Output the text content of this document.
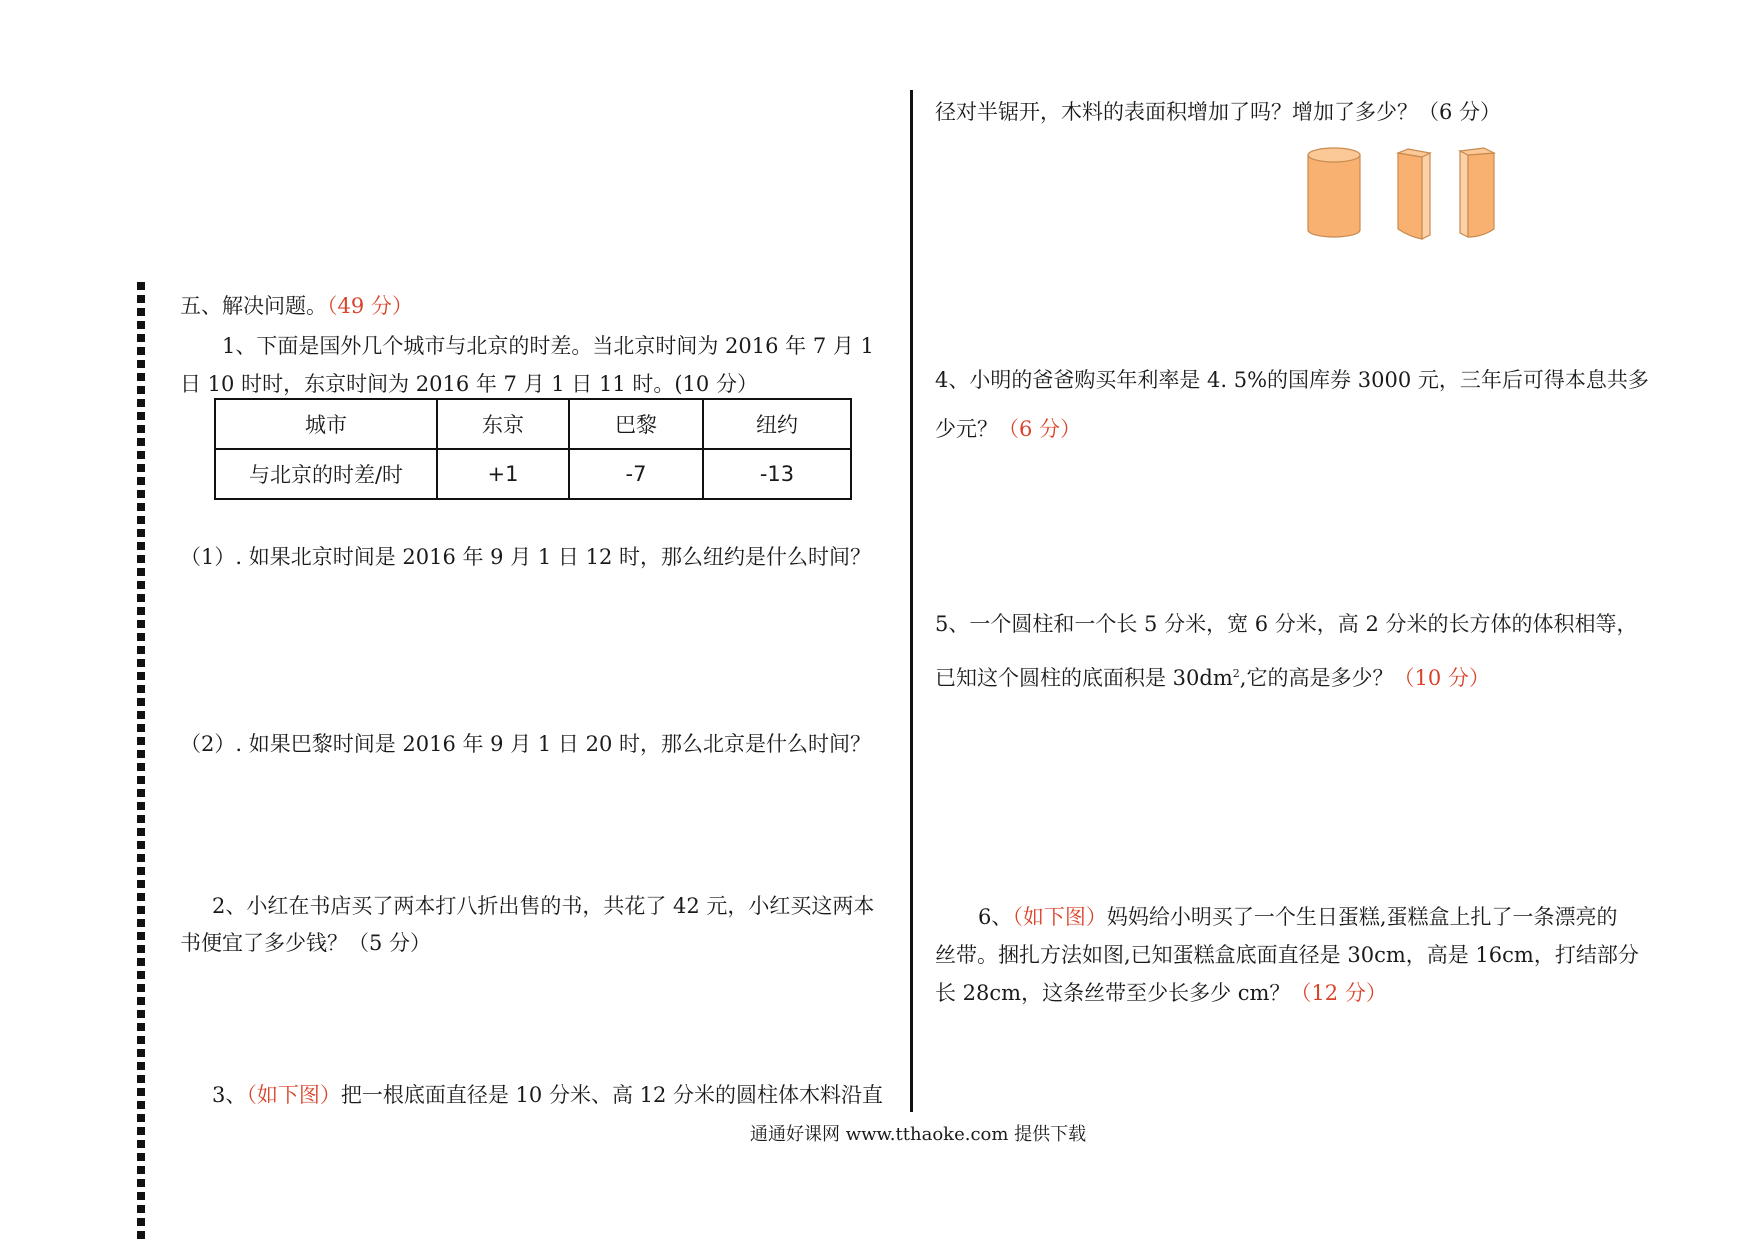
五、解决问题。（49 分）
1、下面是国外几个城市与北京的时差。当北京时间为 2016 年 7 月 1
日 10 时时，东京时间为 2016 年 7 月 1 日 11 时。(10 分）
城市	东京	巴黎	纽约
与北京的时差/时	+1	-7	-13
（1）. 如果北京时间是 2016 年 9 月 1 日 12 时，那么纽约是什么时间？
（2）. 如果巴黎时间是 2016 年 9 月 1 日 20 时，那么北京是什么时间？
2、小红在书店买了两本打八折出售的书，共花了 42 元，小红买这两本
书便宜了多少钱？（5 分）
3、（如下图）把一根底面直径是 10 分米、高 12 分米的圆柱体木料沿直
径对半锯开，木料的表面积增加了吗？增加了多少？（6 分）
4、小明的爸爸购买年利率是 4. 5%的国库券 3000 元，三年后可得本息共多
少元？（6 分）
5、一个圆柱和一个长 5 分米，宽 6 分米，高 2 分米的长方体的体积相等，
已知这个圆柱的底面积是 $30dm^2$,它的高是多少？（10 分）
6、（如下图）妈妈给小明买了一个生日蛋糕,蛋糕盒上扎了一条漂亮的
丝带。捆扎方法如图,已知蛋糕盒底面直径是 30cm，高是 16cm，打结部分
长 28cm，这条丝带至少长多少 cm？（12 分）
通通好课网 www.tthaoke.com 提供下载
